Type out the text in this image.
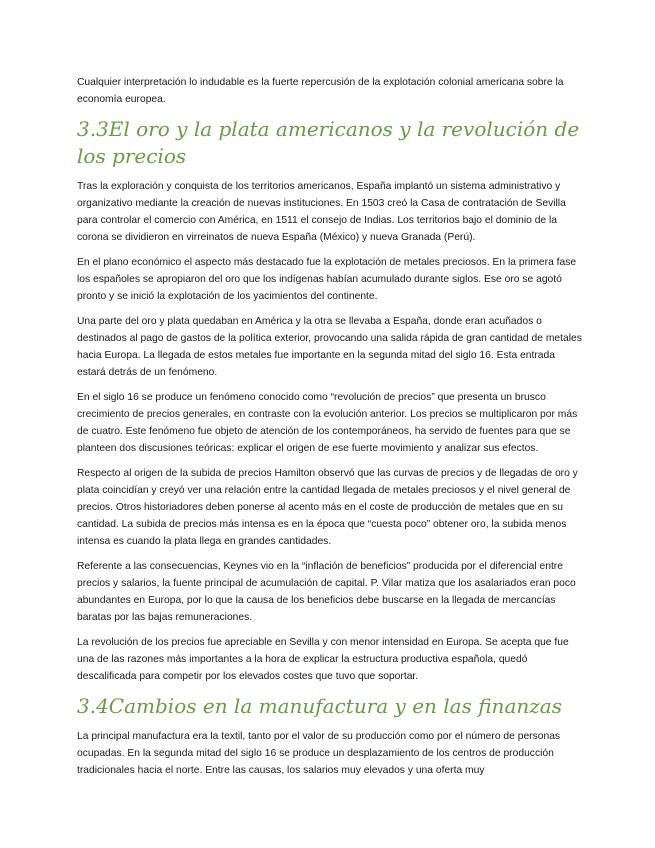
Cualquier interpretación lo indudable es la fuerte repercusión de la explotación colonial americana sobre la economía europea.

3.3El oro y la plata americanos y la revolución de los precios

Tras la exploración y conquista de los territorios americanos, España implantó un sistema administrativo y organizativo mediante la creación de nuevas instituciones. En 1503 creó la Casa de contratación de Sevilla para controlar el comercio con América, en 1511 el consejo de Indias. Los territorios bajo el dominio de la corona se dividieron en virreinatos de nueva España (México) y nueva Granada (Perú).

En el plano económico el aspecto más destacado fue la explotación de metales preciosos. En la primera fase los españoles se apropiaron del oro que los indígenas habían acumulado durante siglos. Ese oro se agotó pronto y se inició la explotación de los yacimientos del continente.

Una parte del oro y plata quedaban en América y la otra se llevaba a España, donde eran acuñados o destinados al pago de gastos de la política exterior, provocando una salida rápida de gran cantidad de metales hacia Europa. La llegada de estos metales fue importante en la segunda mitad del siglo 16. Esta entrada estará detrás de un fenómeno.

En el siglo 16 se produce un fenómeno conocido como “revolución de precios” que presenta un brusco crecimiento de precios generales, en contraste con la evolución anterior. Los precios se multiplicaron por más de cuatro. Este fenómeno fue objeto de atención de los contemporáneos, ha servido de fuentes para que se planteen dos discusiones teóricas: explicar el origen de ese fuerte movimiento y analizar sus efectos.

Respecto al origen de la subida de precios Hamilton observó que las curvas de precios y de llegadas de oro y plata coincidían y creyó ver una relación entre la cantidad llegada de metales preciosos y el nivel general de precios. Otros historiadores deben ponerse al acento más en el coste de producción de metales que en su cantidad. La subida de precios más intensa es en la época que “cuesta poco” obtener oro, la subida menos intensa es cuando la plata llega en grandes cantidades.

Referente a las consecuencias, Keynes vio en la “inflación de beneficios” producida por el diferencial entre precios y salarios, la fuente principal de acumulación de capital. P. Vilar matiza que los asalariados eran poco abundantes en Europa, por lo que la causa de los beneficios debe buscarse en la llegada de mercancías baratas por las bajas remuneraciones.

La revolución de los precios fue apreciable en Sevilla y con menor intensidad en Europa. Se acepta que fue una de las razones más importantes a la hora de explicar la estructura productiva española, quedó descalificada para competir por los elevados costes que tuvo que soportar.

3.4Cambios en la manufactura y en las finanzas

La principal manufactura era la textil, tanto por el valor de su producción como por el número de personas ocupadas. En la segunda mitad del siglo 16 se produce un desplazamiento de los centros de producción tradicionales hacia el norte. Entre las causas, los salarios muy elevados y una oferta muy
